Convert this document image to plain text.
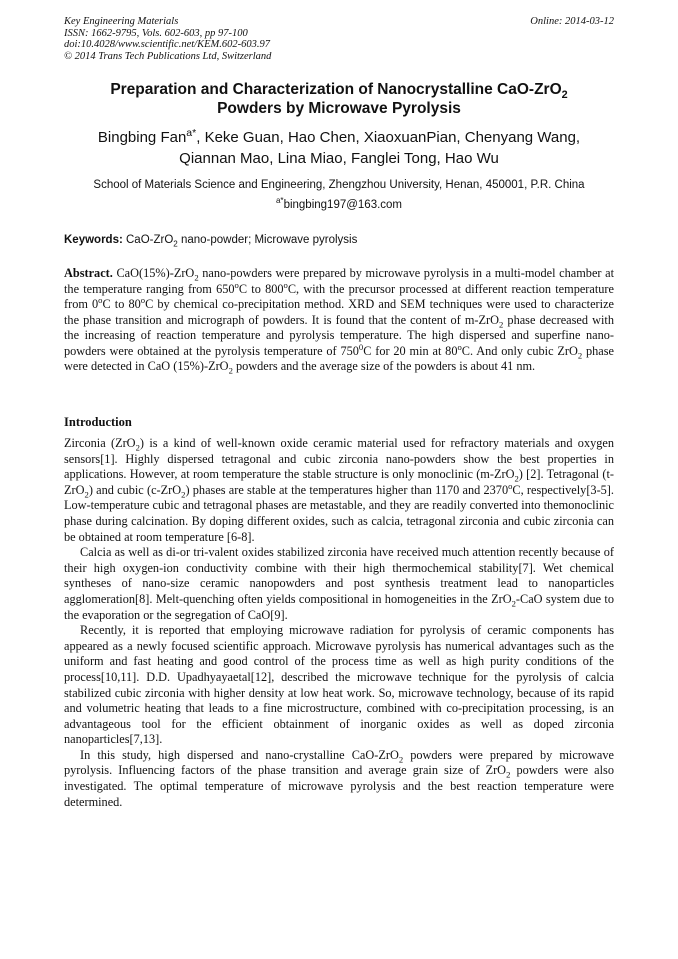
Key Engineering Materials
ISSN: 1662-9795, Vols. 602-603, pp 97-100
doi:10.4028/www.scientific.net/KEM.602-603.97
© 2014 Trans Tech Publications Ltd, Switzerland
Online: 2014-03-12
Preparation and Characterization of Nanocrystalline CaO-ZrO$_2$
Powders by Microwave Pyrolysis
Bingbing Fan$^{a*}$, Keke Guan, Hao Chen, XiaoxuanPian, Chenyang Wang,
Qiannan Mao, Lina Miao, Fanglei Tong, Hao Wu
School of Materials Science and Engineering, Zhengzhou University, Henan, 450001, P.R. China
$^{a*}$bingbing197@163.com
Keywords: CaO-ZrO$_2$ nano-powder; Microwave pyrolysis
Abstract. CaO(15%)-ZrO$_2$ nano-powders were prepared by microwave pyrolysis in a multi-model chamber at the temperature ranging from 650$^o$C to 800$^o$C, with the precursor processed at different reaction temperature from 0$^o$C to 80$^o$C by chemical co-precipitation method. XRD and SEM techniques were used to characterize the phase transition and micrograph of powders. It is found that the content of m-ZrO$_2$ phase decreased with the increasing of reaction temperature and pyrolysis temperature. The high dispersed and superfine nano-powders were obtained at the pyrolysis temperature of $750^0C$ for 20 min at 80$^o$C. And only cubic ZrO$_2$ phase were detected in CaO (15%)-ZrO$_2$ powders and the average size of the powders is about 41 nm.
Introduction

Zirconia (ZrO$_2$) is a kind of well-known oxide ceramic material used for refractory materials and oxygen sensors[1]. Highly dispersed tetragonal and cubic zirconia nano-powders show the best properties in applications. However, at room temperature the stable structure is only monoclinic (m-ZrO$_2$) [2]. Tetragonal (t-ZrO$_2$) and cubic (c-ZrO$_2$) phases are stable at the temperatures higher than 1170 and 2370$^o$C, respectively[3-5]. Low-temperature cubic and tetragonal phases are metastable, and they are readily converted into themonoclinic phase during calcination. By doping different oxides, such as calcia, tetragonal zirconia and cubic zirconia can be obtained at room temperature [6-8].

Calcia as well as di-or tri-valent oxides stabilized zirconia have received much attention recently because of their high oxygen-ion conductivity combine with their high thermochemical stability[7]. Wet chemical syntheses of nano-size ceramic nanopowders and post synthesis treatment lead to nanoparticles agglomeration[8]. Melt-quenching often yields compositional in homogeneities in the ZrO$_2$-CaO system due to the evaporation or the segregation of CaO[9].

Recently, it is reported that employing microwave radiation for pyrolysis of ceramic components has appeared as a newly focused scientific approach. Microwave pyrolysis has numerical advantages such as the uniform and fast heating and good control of the process time as well as high purity conditions of the process[10,11]. D.D. Upadhyayaetal[12], described the microwave technique for the pyrolysis of calcia stabilized cubic zirconia with higher density at low heat work. So, microwave technology, because of its rapid and volumetric heating that leads to a fine microstructure, combined with co-precipitation processing, is an advantageous tool for the efficient obtainment of inorganic oxides as well as doped zirconia nanoparticles[7,13].

In this study, high dispersed and nano-crystalline CaO-ZrO$_2$ powders were prepared by microwave pyrolysis. Influencing factors of the phase transition and average grain size of ZrO$_2$ powders were also investigated. The optimal temperature of microwave pyrolysis and the best reaction temperature were determined.
